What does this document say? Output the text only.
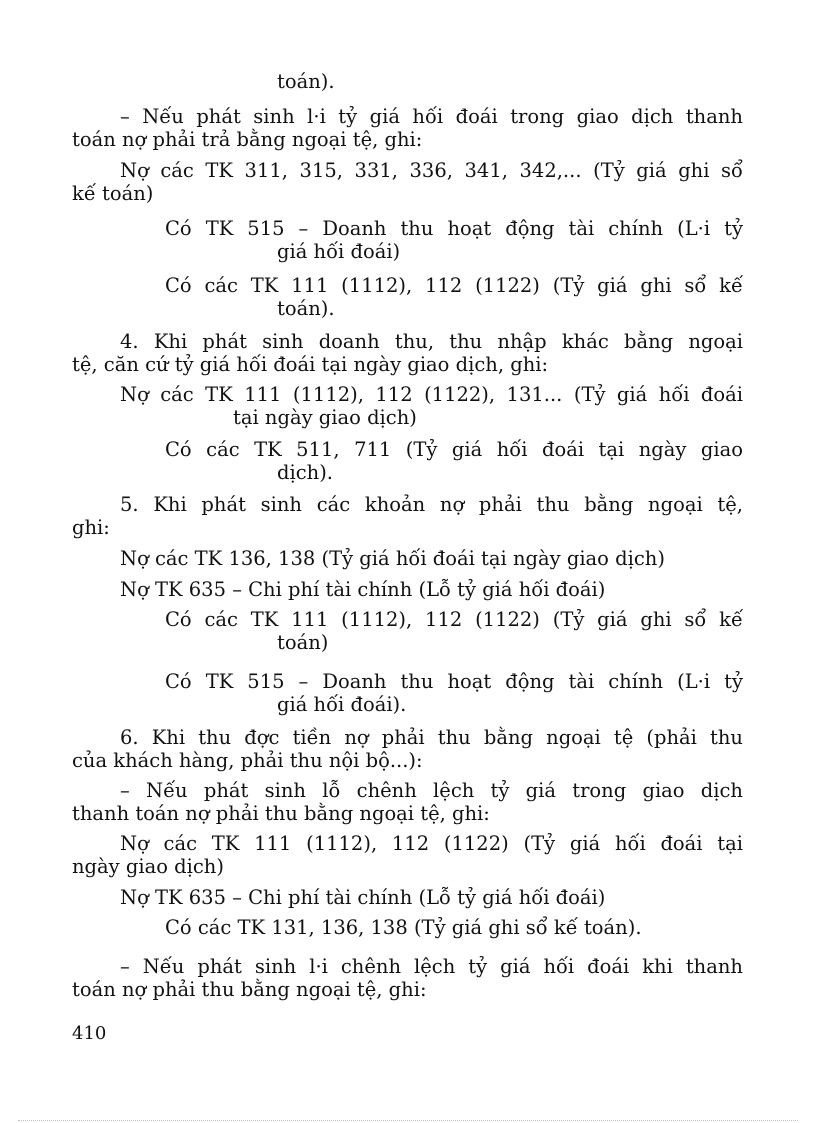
toán).

– Nếu phát sinh l·i tỷ giá hối đoái trong giao dịch thanh

toán nợ phải trả bằng ngoại tệ, ghi:

Nợ các TK 311, 315, 331, 336, 341, 342,... (Tỷ giá ghi sổ

kế toán)

Có TK 515 – Doanh thu hoạt động tài chính (L·i tỷ

giá hối đoái)

Có các TK 111 (1112), 112 (1122) (Tỷ giá ghi sổ kế

toán).

4. Khi phát sinh doanh thu, thu nhập khác bằng ngoại

tệ, căn cứ tỷ giá hối đoái tại ngày giao dịch, ghi:

Nợ các TK 111 (1112), 112 (1122), 131... (Tỷ giá hối đoái

tại ngày giao dịch)

Có các TK 511, 711 (Tỷ giá hối đoái tại ngày giao

dịch).

5. Khi phát sinh các khoản nợ phải thu bằng ngoại tệ,

ghi:

Nợ các TK 136, 138 (Tỷ giá hối đoái tại ngày giao dịch)

Nợ TK 635 – Chi phí tài chính (Lỗ tỷ giá hối đoái)

Có các TK 111 (1112), 112 (1122) (Tỷ giá ghi sổ kế

toán)

Có TK 515 – Doanh thu hoạt động tài chính (L·i tỷ

giá hối đoái).

6. Khi thu đợc tiền nợ phải thu bằng ngoại tệ (phải thu

của khách hàng, phải thu nội bộ...):

– Nếu phát sinh lỗ chênh lệch tỷ giá trong giao dịch

thanh toán nợ phải thu bằng ngoại tệ, ghi:

Nợ các TK 111 (1112), 112 (1122) (Tỷ giá hối đoái tại

ngày giao dịch)

Nợ TK 635 – Chi phí tài chính (Lỗ tỷ giá hối đoái)

Có các TK 131, 136, 138 (Tỷ giá ghi sổ kế toán).

– Nếu phát sinh l·i chênh lệch tỷ giá hối đoái khi thanh

toán nợ phải thu bằng ngoại tệ, ghi:

410
